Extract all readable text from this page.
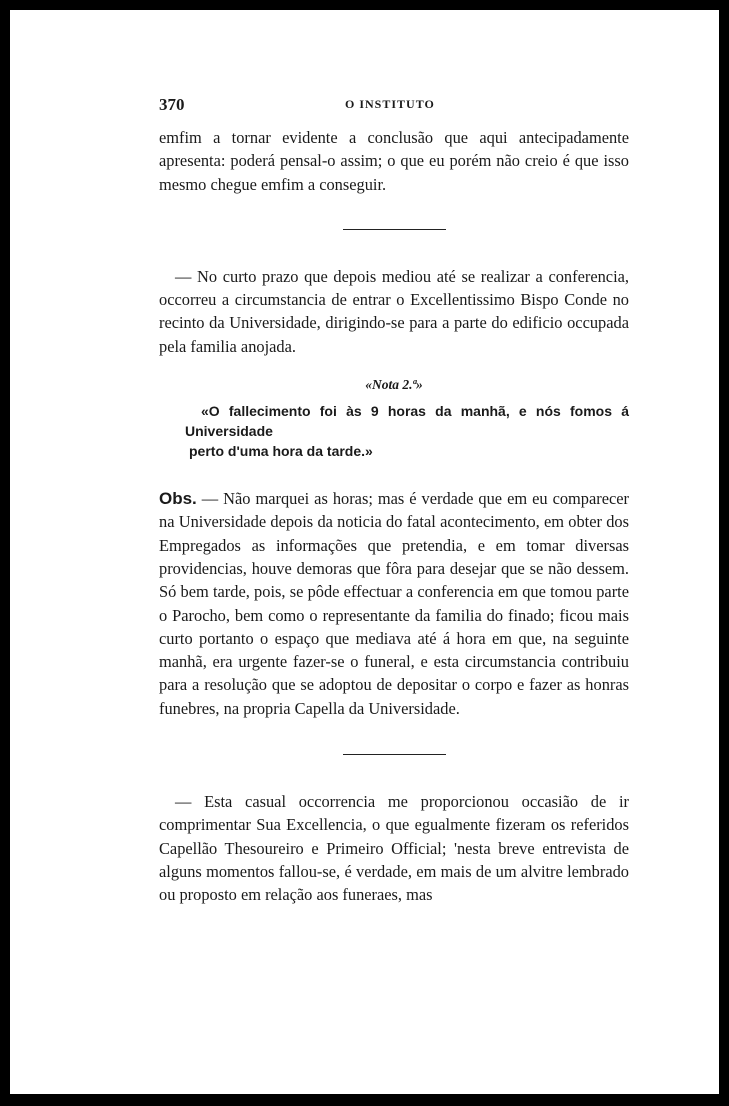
370	O INSTITUTO

emfim a tornar evidente a conclusão que aqui antecipadamente apresenta: poderá pensal-o assim; o que eu porém não creio é que isso mesmo chegue emfim a conseguir.

— No curto prazo que depois mediou até se realizar a conferencia, occorreu a circumstancia de entrar o Excellentissimo Bispo Conde no recinto da Universidade, dirigindo-se para a parte do edificio occupada pela familia anojada.

«Nota 2.ª»
«O fallecimento foi às 9 horas da manhã, e nós fomos á Universidade
perto d'uma hora da tarde.»

Obs. — Não marquei as horas; mas é verdade que em eu comparecer na Universidade depois da noticia do fatal acontecimento, em obter dos Empregados as informações que pretendia, e em tomar diversas providencias, houve demoras que fôra para desejar que se não dessem. Só bem tarde, pois, se pôde effectuar a conferencia em que tomou parte o Parocho, bem como o representante da familia do finado; ficou mais curto portanto o espaço que mediava até á hora em que, na seguinte manhã, era urgente fazer-se o funeral, e esta circumstancia contribuiu para a resolução que se adoptou de depositar o corpo e fazer as honras funebres, na propria Capella da Universidade.

— Esta casual occorrencia me proporcionou occasião de ir comprimentar Sua Excellencia, o que egualmente fizeram os referidos Capellão Thesoureiro e Primeiro Official; 'nesta breve entrevista de alguns momentos fallou-se, é verdade, em mais de um alvitre lembrado ou proposto em relação aos funeraes, mas
